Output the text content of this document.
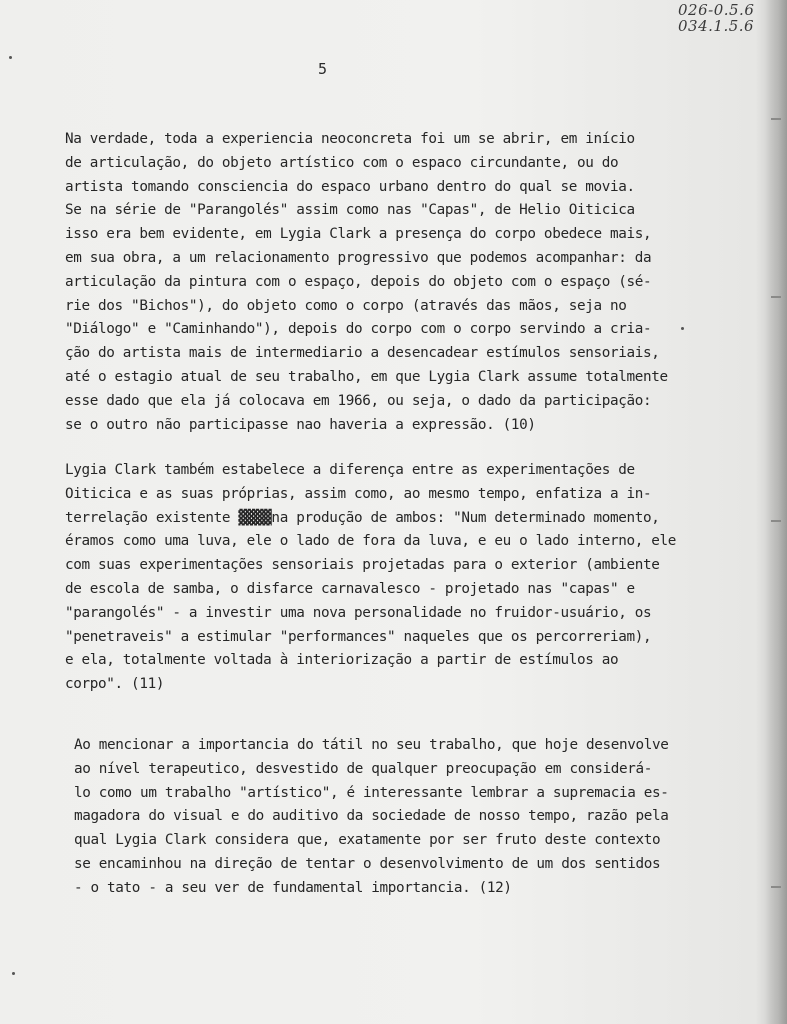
026-0.5.6
034.1.5.6
5
Na verdade, toda a experiencia neoconcreta foi um se abrir, em início
de articulação, do objeto artístico com o espaco circundante, ou do
artista tomando consciencia do espaco urbano dentro do qual se movia.
Se na série de "Parangolés" assim como nas "Capas", de Helio Oiticica
isso era bem evidente, em Lygia Clark a presença do corpo obedece mais,
em sua obra, a um relacionamento progressivo que podemos acompanhar: da
articulação da pintura com o espaço, depois do objeto com o espaço (sé-
rie dos "Bichos"), do objeto como o corpo (através das mãos, seja no
"Diálogo" e "Caminhando"), depois do corpo com o corpo servindo a cria-
ção do artista mais de intermediario a desencadear estímulos sensoriais,
até o estagio atual de seu trabalho, em que Lygia Clark assume totalmente
esse dado que ela já colocava em 1966, ou seja, o dado da participação:
se o outro não participasse nao haveria a expressão. (10)
Lygia Clark também estabelece a diferença entre as experimentações de
Oiticica e as suas próprias, assim como, ao mesmo tempo, enfatiza a in-
terrelação existente ▓▓▓▓na produção de ambos: "Num determinado momento,
éramos como uma luva, ele o lado de fora da luva, e eu o lado interno, ele
com suas experimentações sensoriais projetadas para o exterior (ambiente
de escola de samba, o disfarce carnavalesco - projetado nas "capas" e
"parangolés" - a investir uma nova personalidade no fruidor-usuário, os
"penetraveis" a estimular "performances" naqueles que os percorreriam),
e ela, totalmente voltada à interiorização a partir de estímulos ao
corpo". (11)
Ao mencionar a importancia do tátil no seu trabalho, que hoje desenvolve
ao nível terapeutico, desvestido de qualquer preocupação em considerá-
lo como um trabalho "artístico", é interessante lembrar a supremacia es-
magadora do visual e do auditivo da sociedade de nosso tempo, razão pela
qual Lygia Clark considera que, exatamente por ser fruto deste contexto
se encaminhou na direção de tentar o desenvolvimento de um dos sentidos
- o tato - a seu ver de fundamental importancia. (12)
